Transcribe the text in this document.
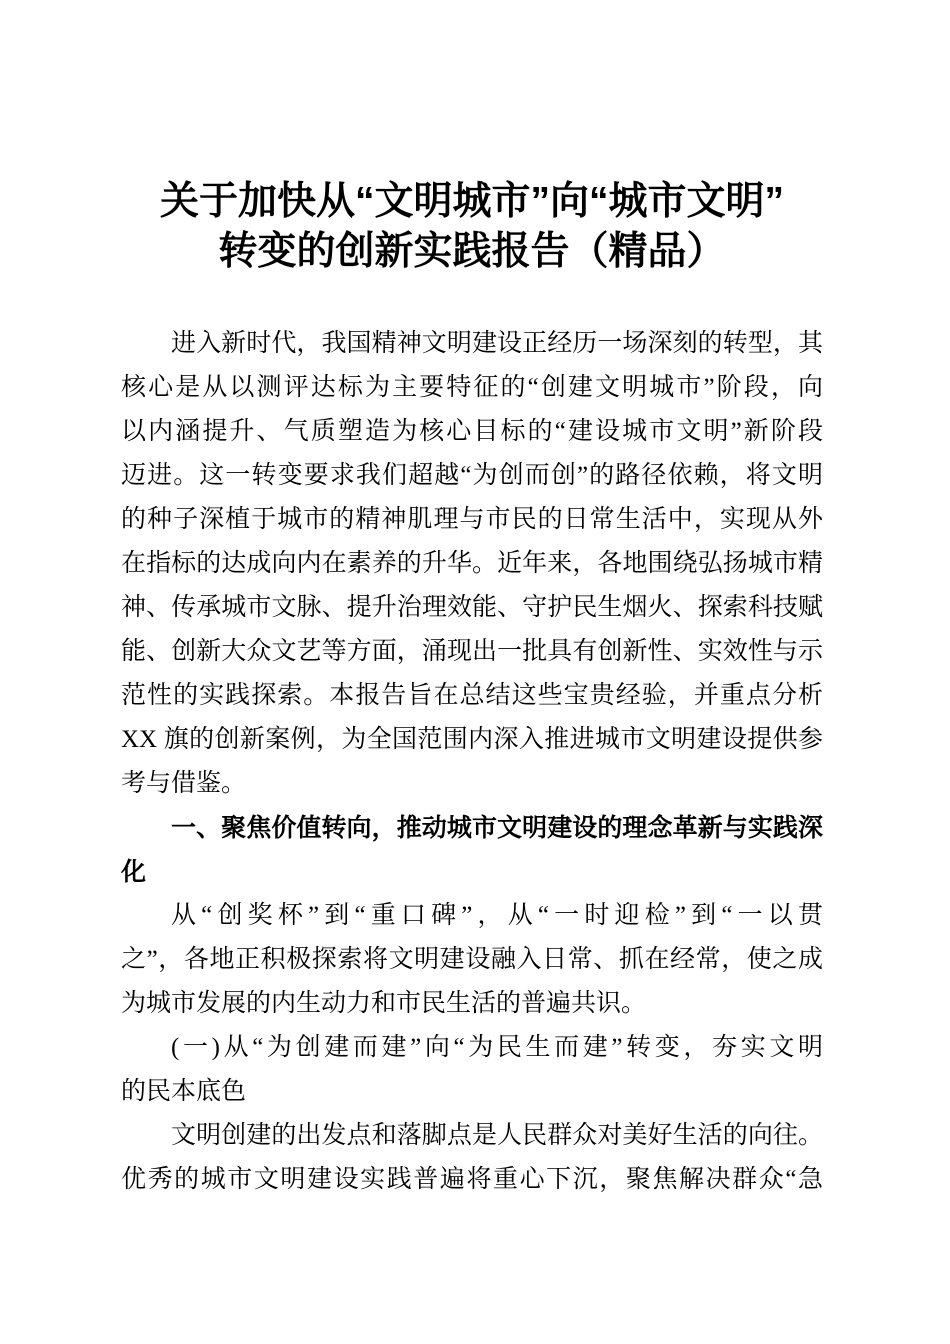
关于加快从“文明城市”向“城市文明”
转变的创新实践报告（精品）
进入新时代，我国精神文明建设正经历一场深刻的转型，其
核心是从以测评达标为主要特征的“创建文明城市”阶段，向
以内涵提升、气质塑造为核心目标的“建设城市文明”新阶段
迈进。这一转变要求我们超越“为创而创”的路径依赖，将文明
的种子深植于城市的精神肌理与市民的日常生活中，实现从外
在指标的达成向内在素养的升华。近年来，各地围绕弘扬城市精
神、传承城市文脉、提升治理效能、守护民生烟火、探索科技赋
能、创新大众文艺等方面，涌现出一批具有创新性、实效性与示
范性的实践探索。本报告旨在总结这些宝贵经验，并重点分析
XX 旗的创新案例，为全国范围内深入推进城市文明建设提供参
考与借鉴。
一、聚焦价值转向，推动城市文明建设的理念革新与实践深
化
从“创奖杯”到“重口碑”，从“一时迎检”到“一以贯
之”，各地正积极探索将文明建设融入日常、抓在经常，使之成
为城市发展的内生动力和市民生活的普遍共识。
(一)从“为创建而建”向“为民生而建”转变，夯实文明
的民本底色
文明创建的出发点和落脚点是人民群众对美好生活的向往。
优秀的城市文明建设实践普遍将重心下沉，聚焦解决群众“急
